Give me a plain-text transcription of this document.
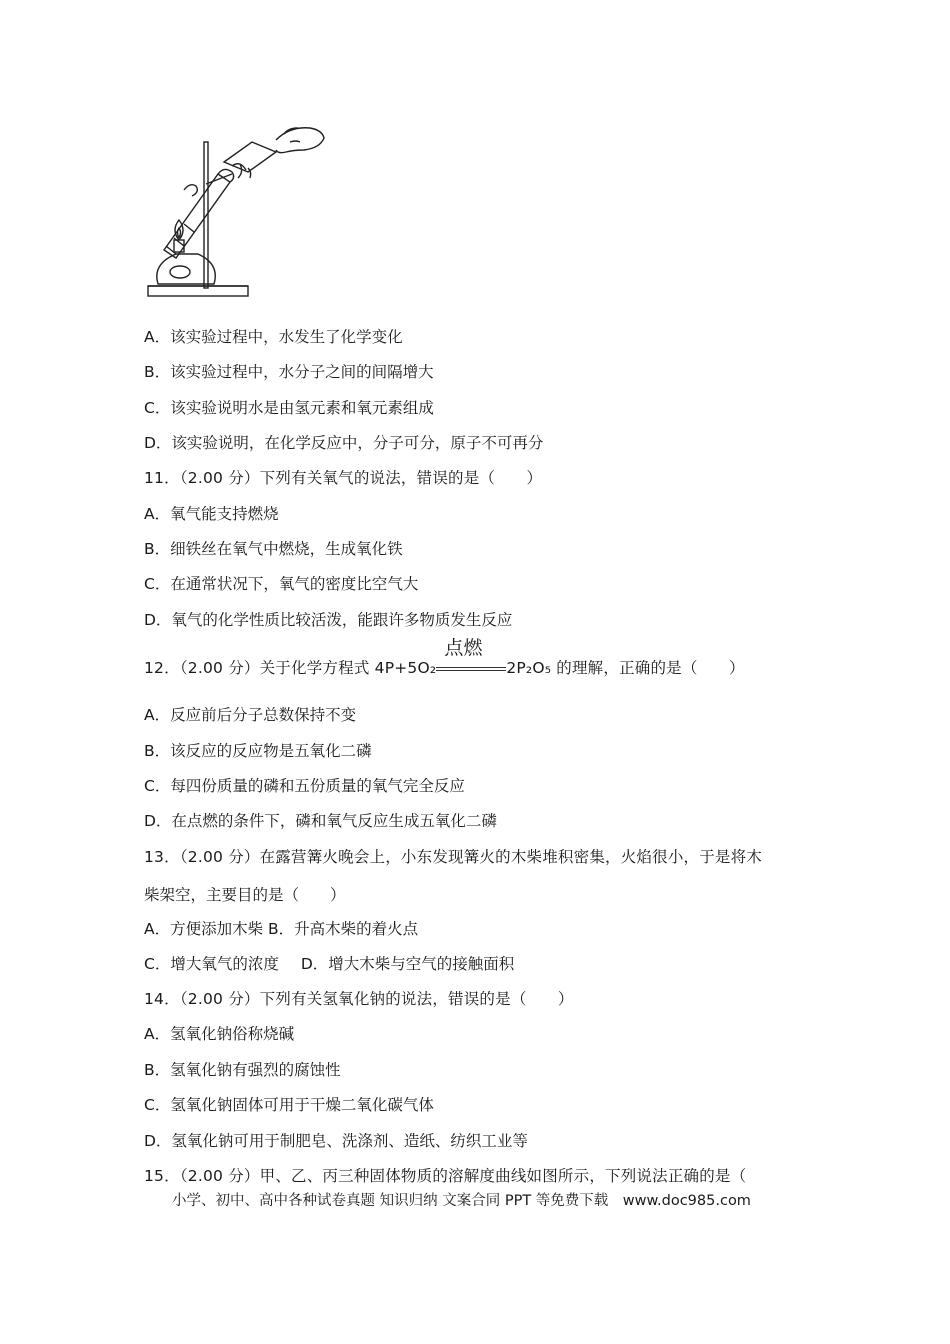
A．该实验过程中，水发生了化学变化
B．该实验过程中，水分子之间的间隔增大
C．该实验说明水是由氢元素和氧元素组成
D．该实验说明，在化学反应中，分子可分，原子不可再分
11．（2.00 分）下列有关氧气的说法，错误的是（　　）
A．氧气能支持燃烧
B．细铁丝在氧气中燃烧，生成氧化铁
C．在通常状况下，氧气的密度比空气大
D．氧气的化学性质比较活泼，能跟许多物质发生反应
12．（2.00 分）关于化学方程式 4P+5O₂
点燃
2P₂O₅ 的理解，正确的是（　　）
A．反应前后分子总数保持不变
B．该反应的反应物是五氧化二磷
C．每四份质量的磷和五份质量的氧气完全反应
D．在点燃的条件下，磷和氧气反应生成五氧化二磷
13．（2.00 分）在露营篝火晚会上，小东发现篝火的木柴堆积密集，火焰很小，于是将木
柴架空，主要目的是（　　）
A．方便添加木柴 B．升高木柴的着火点
C．增大氧气的浓度 D．增大木柴与空气的接触面积
14．（2.00 分）下列有关氢氧化钠的说法，错误的是（　　）
A．氢氧化钠俗称烧碱
B．氢氧化钠有强烈的腐蚀性
C．氢氧化钠固体可用于干燥二氧化碳气体
D．氢氧化钠可用于制肥皂、洗涤剂、造纸、纺织工业等
15．（2.00 分）甲、乙、丙三种固体物质的溶解度曲线如图所示，下列说法正确的是（
小学、初中、高中各种试卷真题 知识归纳 文案合同 PPT 等免费下载　www.doc985.com
